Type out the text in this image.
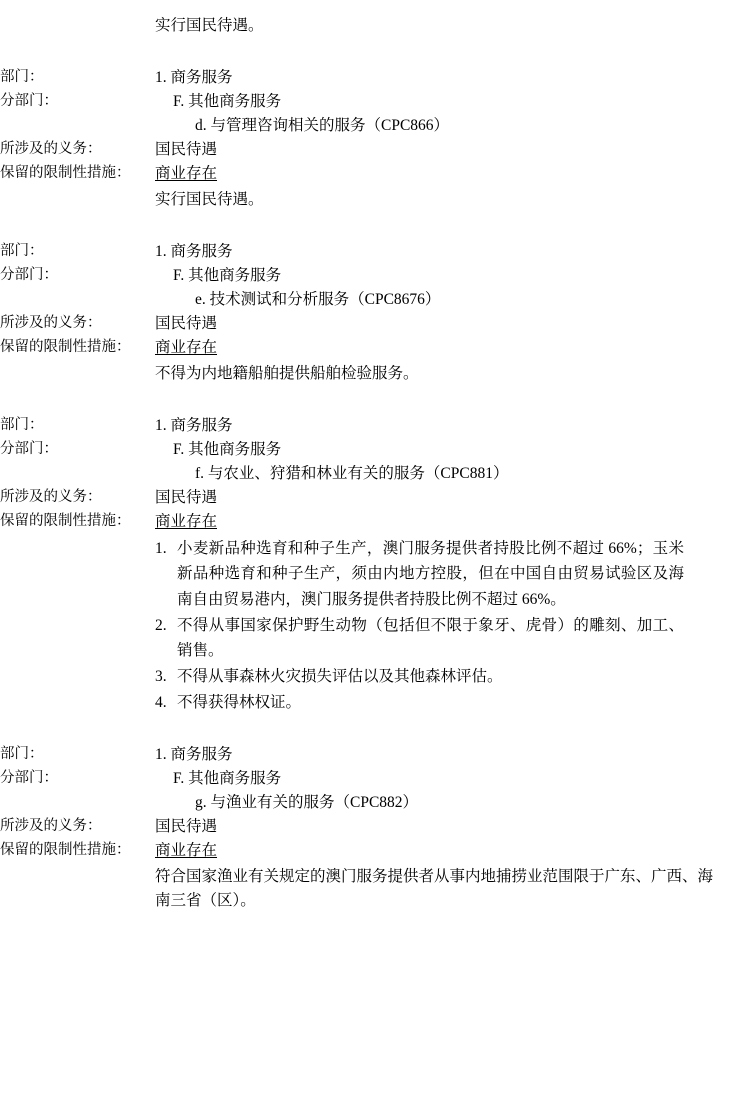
实行国民待遇。
部门：	1. 商务服务
分部门：	F. 其他商务服务
d. 与管理咨询相关的服务（CPC866）
所涉及的义务：	国民待遇
保留的限制性措施：	商业存在
实行国民待遇。
部门：	1. 商务服务
分部门：	F. 其他商务服务
e. 技术测试和分析服务（CPC8676）
所涉及的义务：	国民待遇
保留的限制性措施：	商业存在
不得为内地籍船舶提供船舶检验服务。
部门：	1. 商务服务
分部门：	F. 其他商务服务
f. 与农业、狩猎和林业有关的服务（CPC881）
所涉及的义务：	国民待遇
保留的限制性措施：	商业存在
小麦新品种选育和种子生产，澳门服务提供者持股比例不超过 66%；玉米新品种选育和种子生产，须由内地方控股，但在中国自由贸易试验区及海南自由贸易港内，澳门服务提供者持股比例不超过 66%。
不得从事国家保护野生动物（包括但不限于象牙、虎骨）的雕刻、加工、销售。
不得从事森林火灾损失评估以及其他森林评估。
不得获得林权证。
部门：	1. 商务服务
分部门：	F. 其他商务服务
g. 与渔业有关的服务（CPC882）
所涉及的义务：	国民待遇
保留的限制性措施：	商业存在
符合国家渔业有关规定的澳门服务提供者从事内地捕捞业范围限于广东、广西、海南三省（区）。
